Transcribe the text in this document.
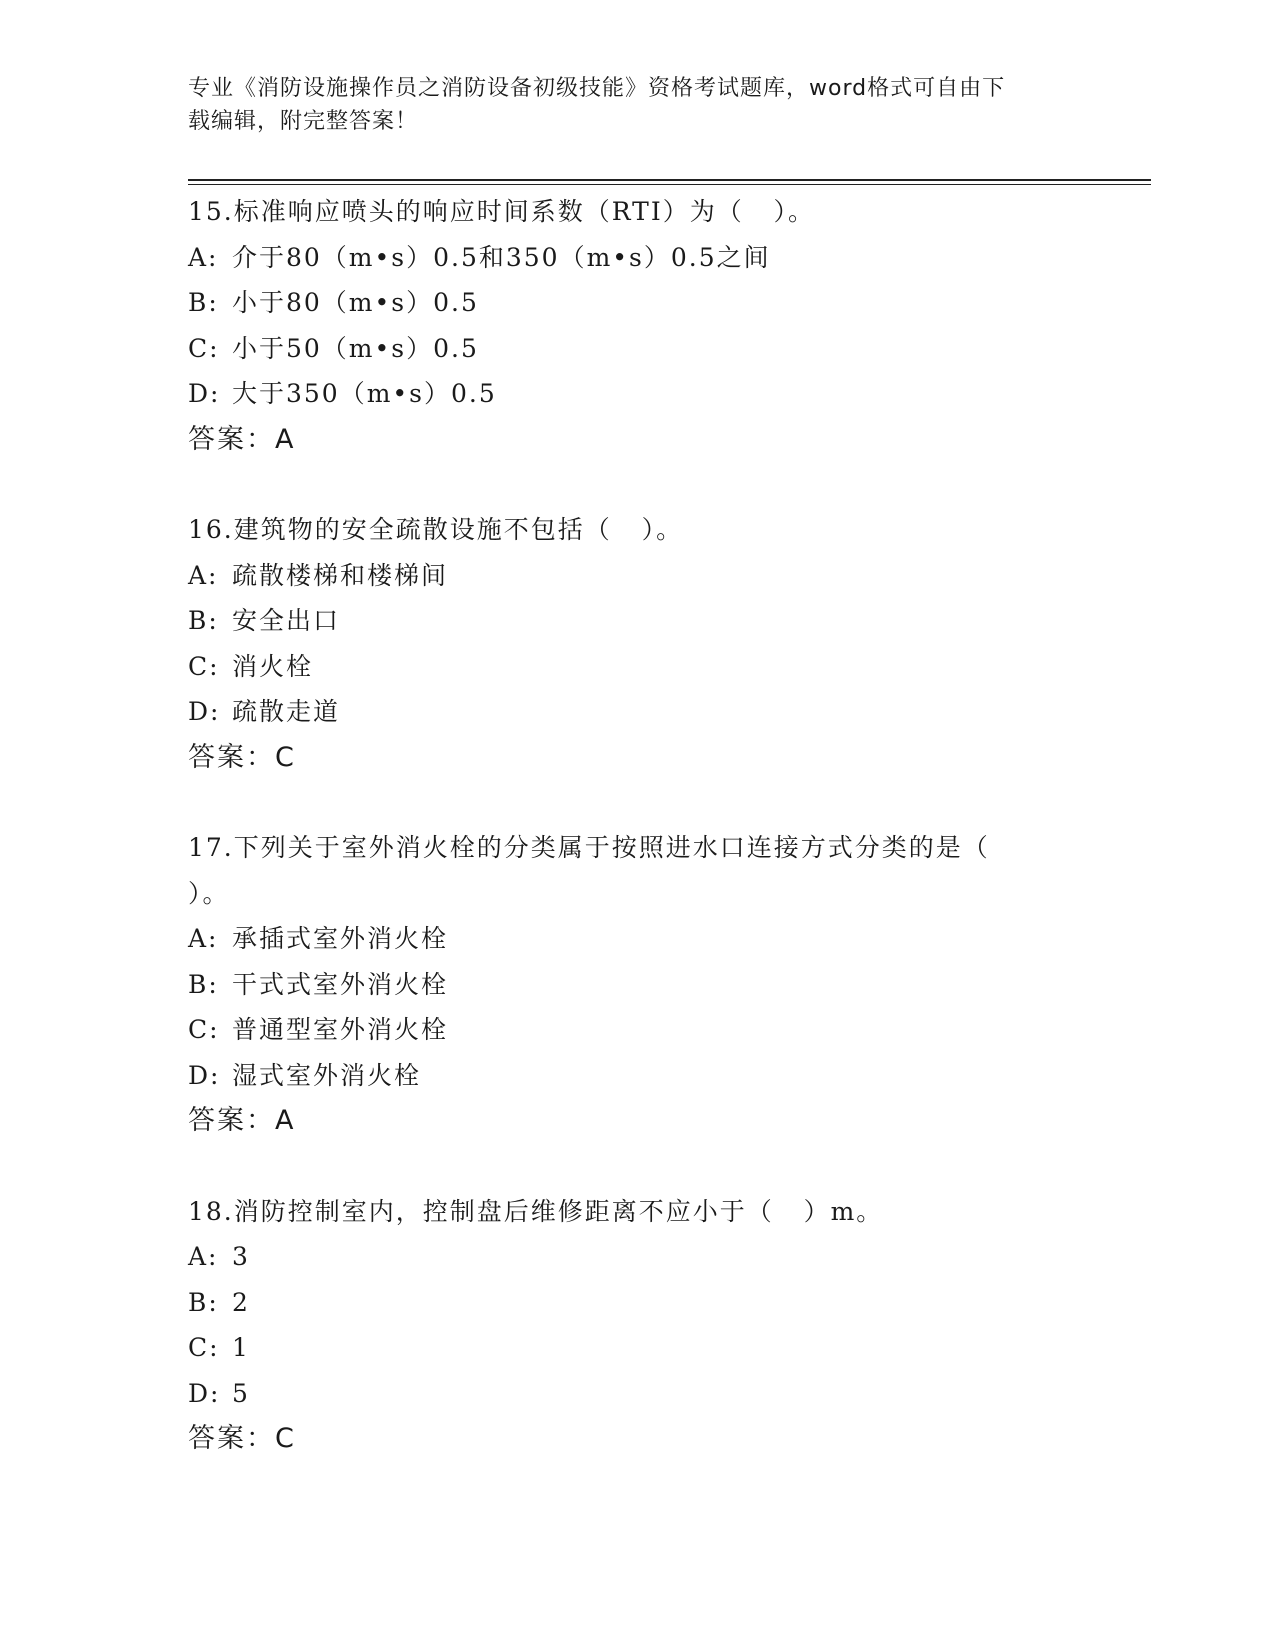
专业《消防设施操作员之消防设备初级技能》资格考试题库，word格式可自由下
载编辑，附完整答案！
15.标准响应喷头的响应时间系数（RTI）为（   ）。
A: 介于80（m•s）0.5和350（m•s）0.5之间
B: 小于80（m•s）0.5
C: 小于50（m•s）0.5
D: 大于350（m•s）0.5
答案：A
16.建筑物的安全疏散设施不包括（   ）。
A: 疏散楼梯和楼梯间
B: 安全出口
C: 消火栓
D: 疏散走道
答案：C
17.下列关于室外消火栓的分类属于按照进水口连接方式分类的是（
）。
A: 承插式室外消火栓
B: 干式式室外消火栓
C: 普通型室外消火栓
D: 湿式室外消火栓
答案：A
18.消防控制室内，控制盘后维修距离不应小于（   ）m。
A: 3
B: 2
C: 1
D: 5
答案：C
